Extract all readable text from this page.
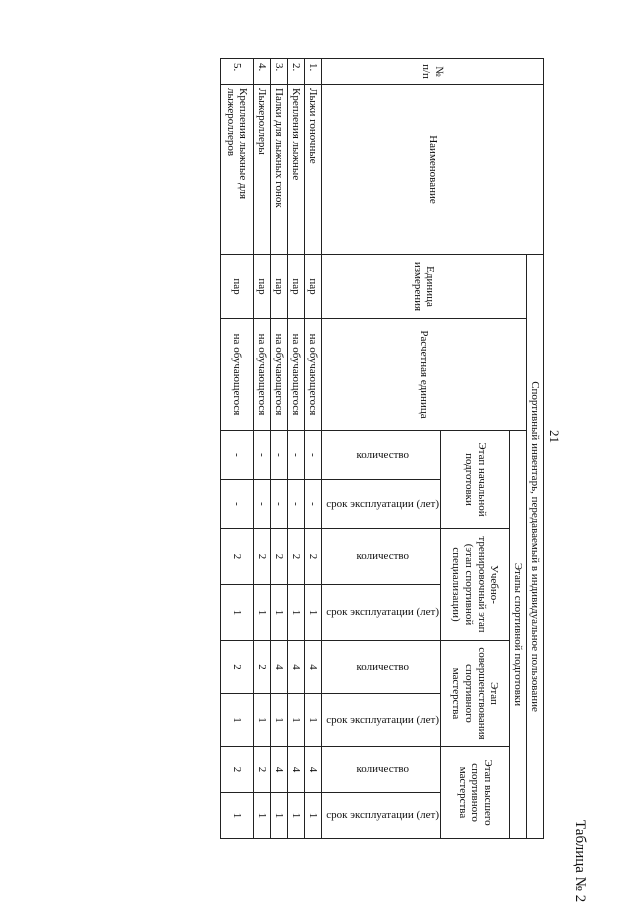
Таблица № 2
21
№ п/п	Наименование	Спортивный инвентарь, передаваемый в индивидуальное пользование									
		Единица измерения	Расчетная единица	Этапы спортивной подготовки							
				Этап начальной подготовки		Учебно-тренировочный этап (этап спортивной специализации)		Этап совершенствования спортивного мастерства		Этап высшего спортивного мастерства	
				количество	срок эксплуатации (лет)	количество	срок эксплуатации (лет)	количество	срок эксплуатации (лет)	количество	срок эксплуатации (лет)
1.	Лыжи гоночные	пар	на обучающегося	-	-	2	1	4	1	4	1
2.	Крепления лыжные	пар	на обучающегося	-	-	2	1	4	1	4	1
3.	Палки для лыжных гонок	пар	на обучающегося	-	-	2	1	4	1	4	1
4.	Лыжероллеры	пар	на обучающегося	-	-	2	1	2	1	2	1
5.	Крепления лыжные для лыжероллеров	пар	на обучающегося	-	-	2	1	2	1	2	1
